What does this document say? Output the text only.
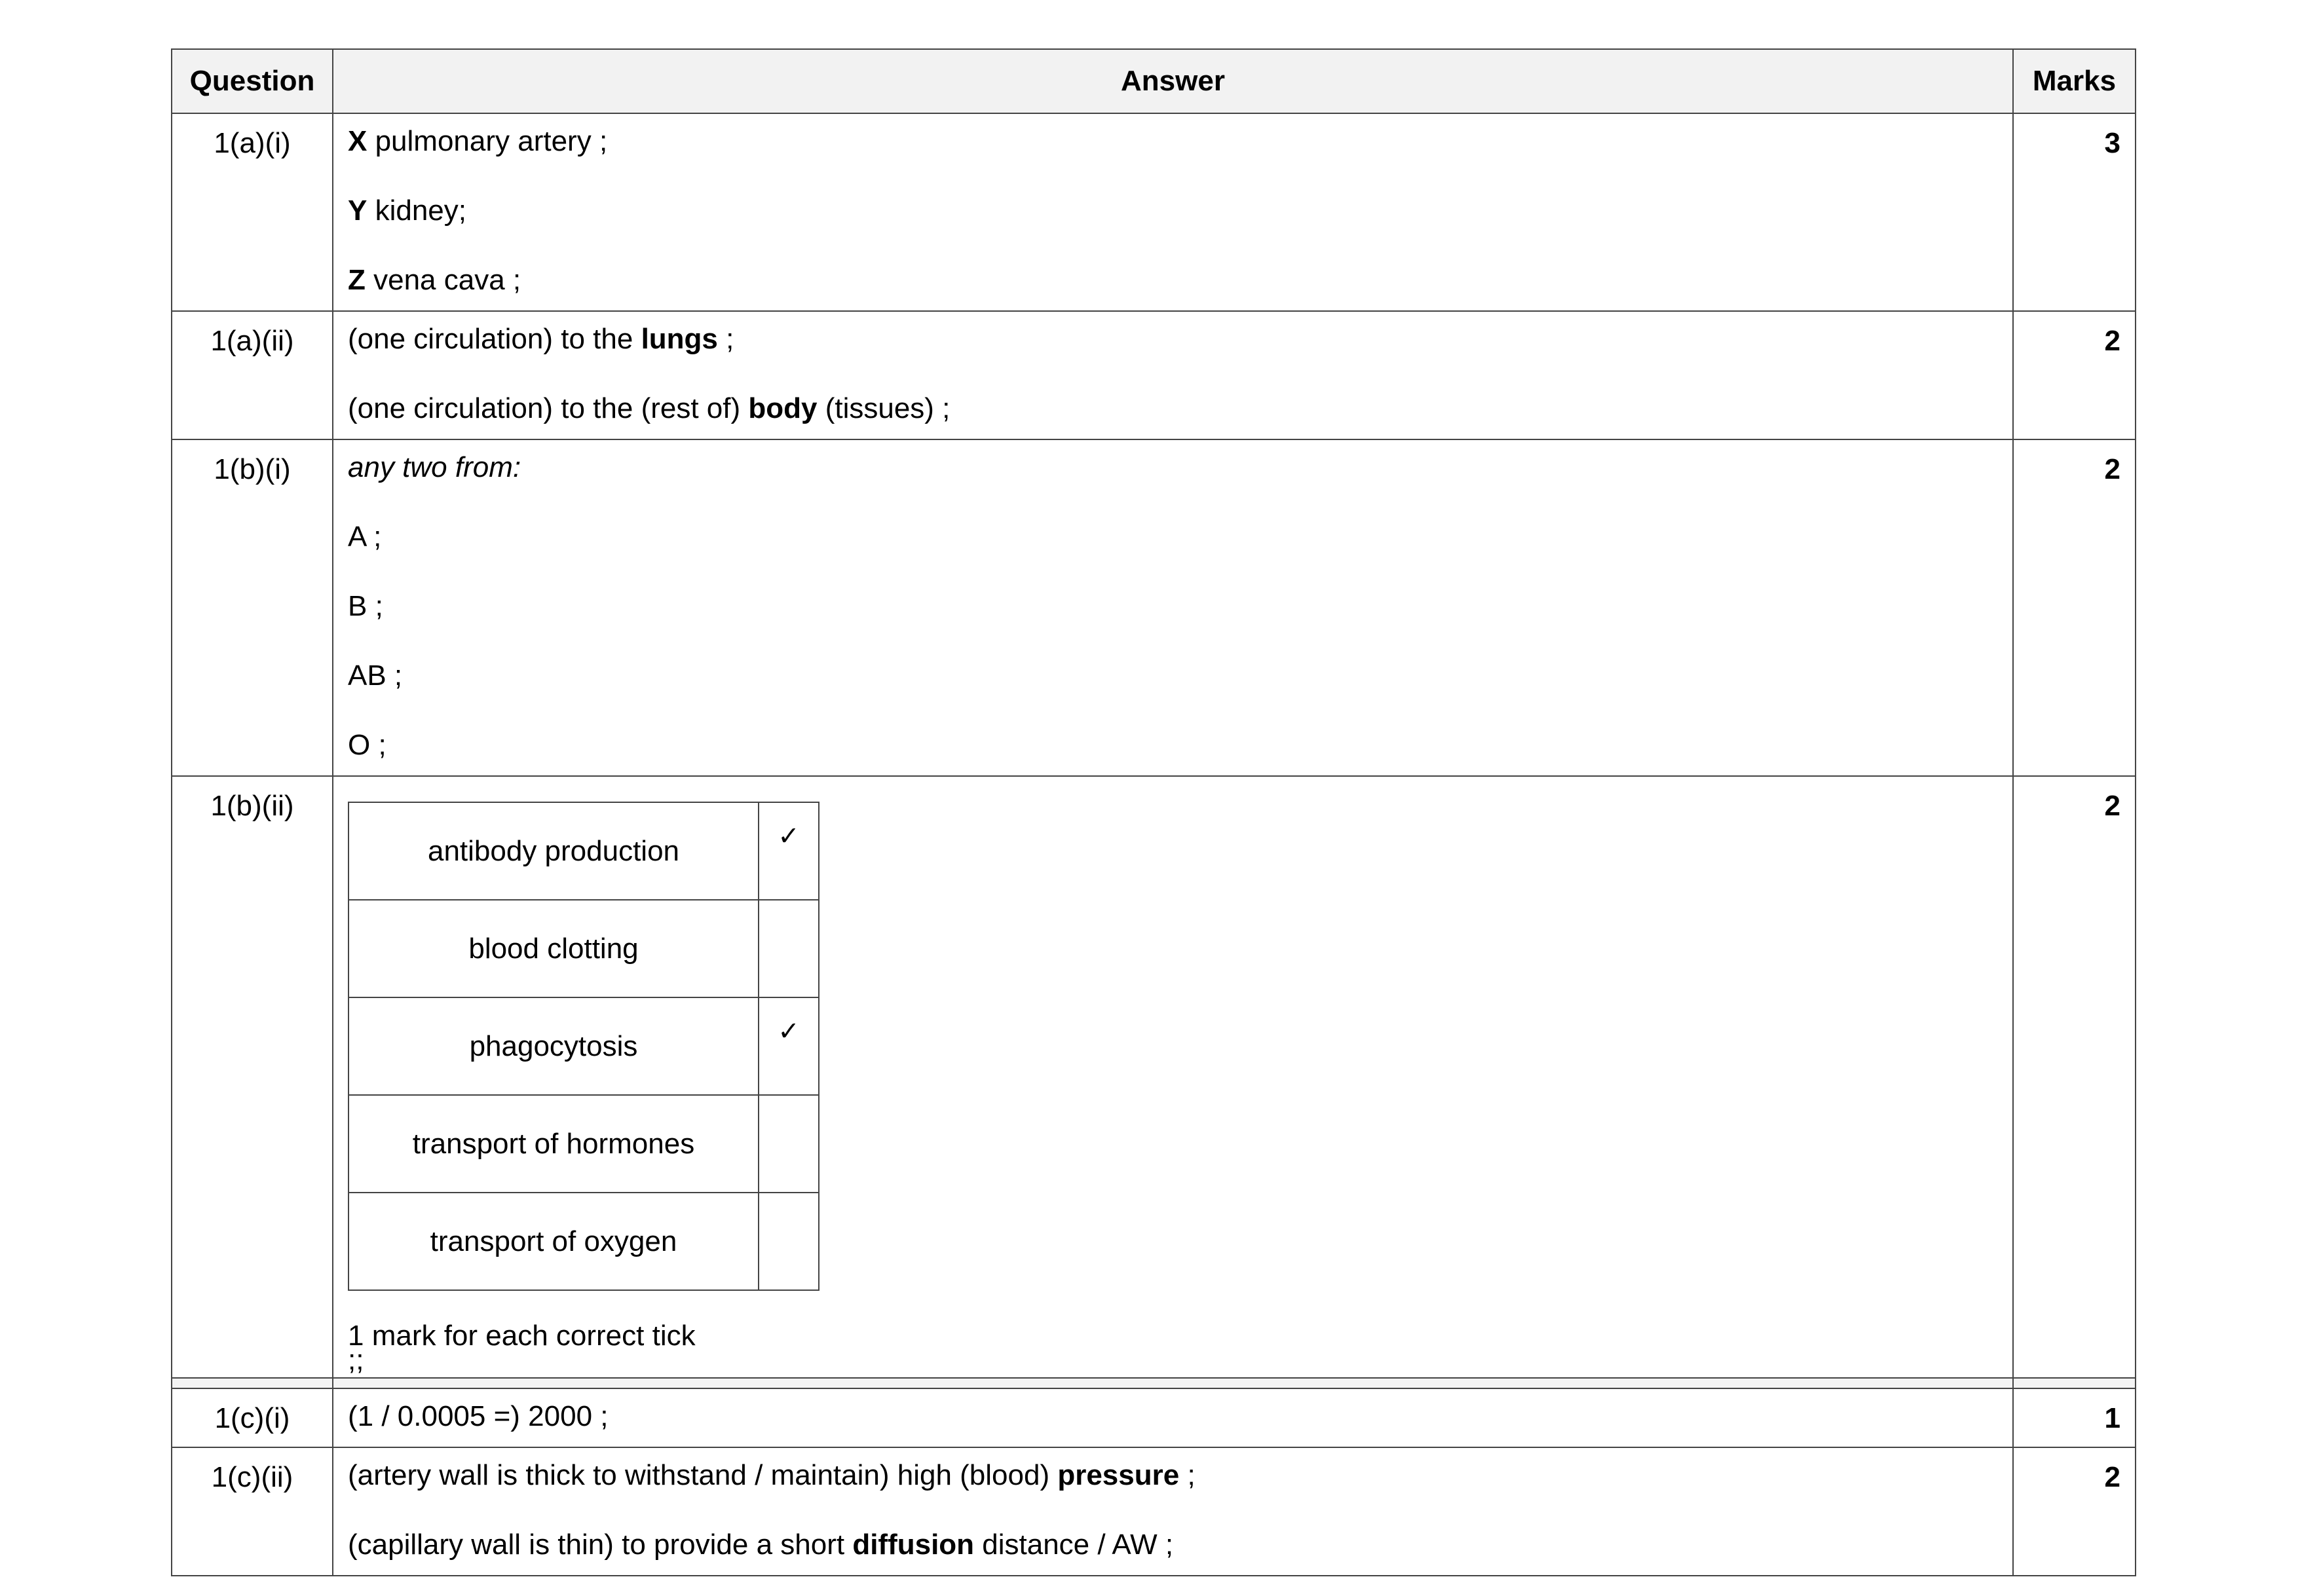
Question	Answer	Marks
1(a)(i)	X pulmonary artery ;
Y kidney;
Z vena cava ;
	3
1(a)(ii)	(one circulation) to the lungs ;
(one circulation) to the (rest of) body (tissues) ;
	2
1(b)(i)	any two from:
A ;
B ;
AB ;
O ;
	2
1(b)(ii)	
antibody production	✓
blood clotting	
phagocytosis	✓
transport of hormones	
transport of oxygen	
1 mark for each correct tick
;;
	2

1(c)(i)	(1 / 0.0005 =) 2000 ;	1
1(c)(ii)	(artery wall is thick to withstand / maintain) high (blood) pressure ;
(capillary wall is thin) to provide a short diffusion distance / AW ;
	2
